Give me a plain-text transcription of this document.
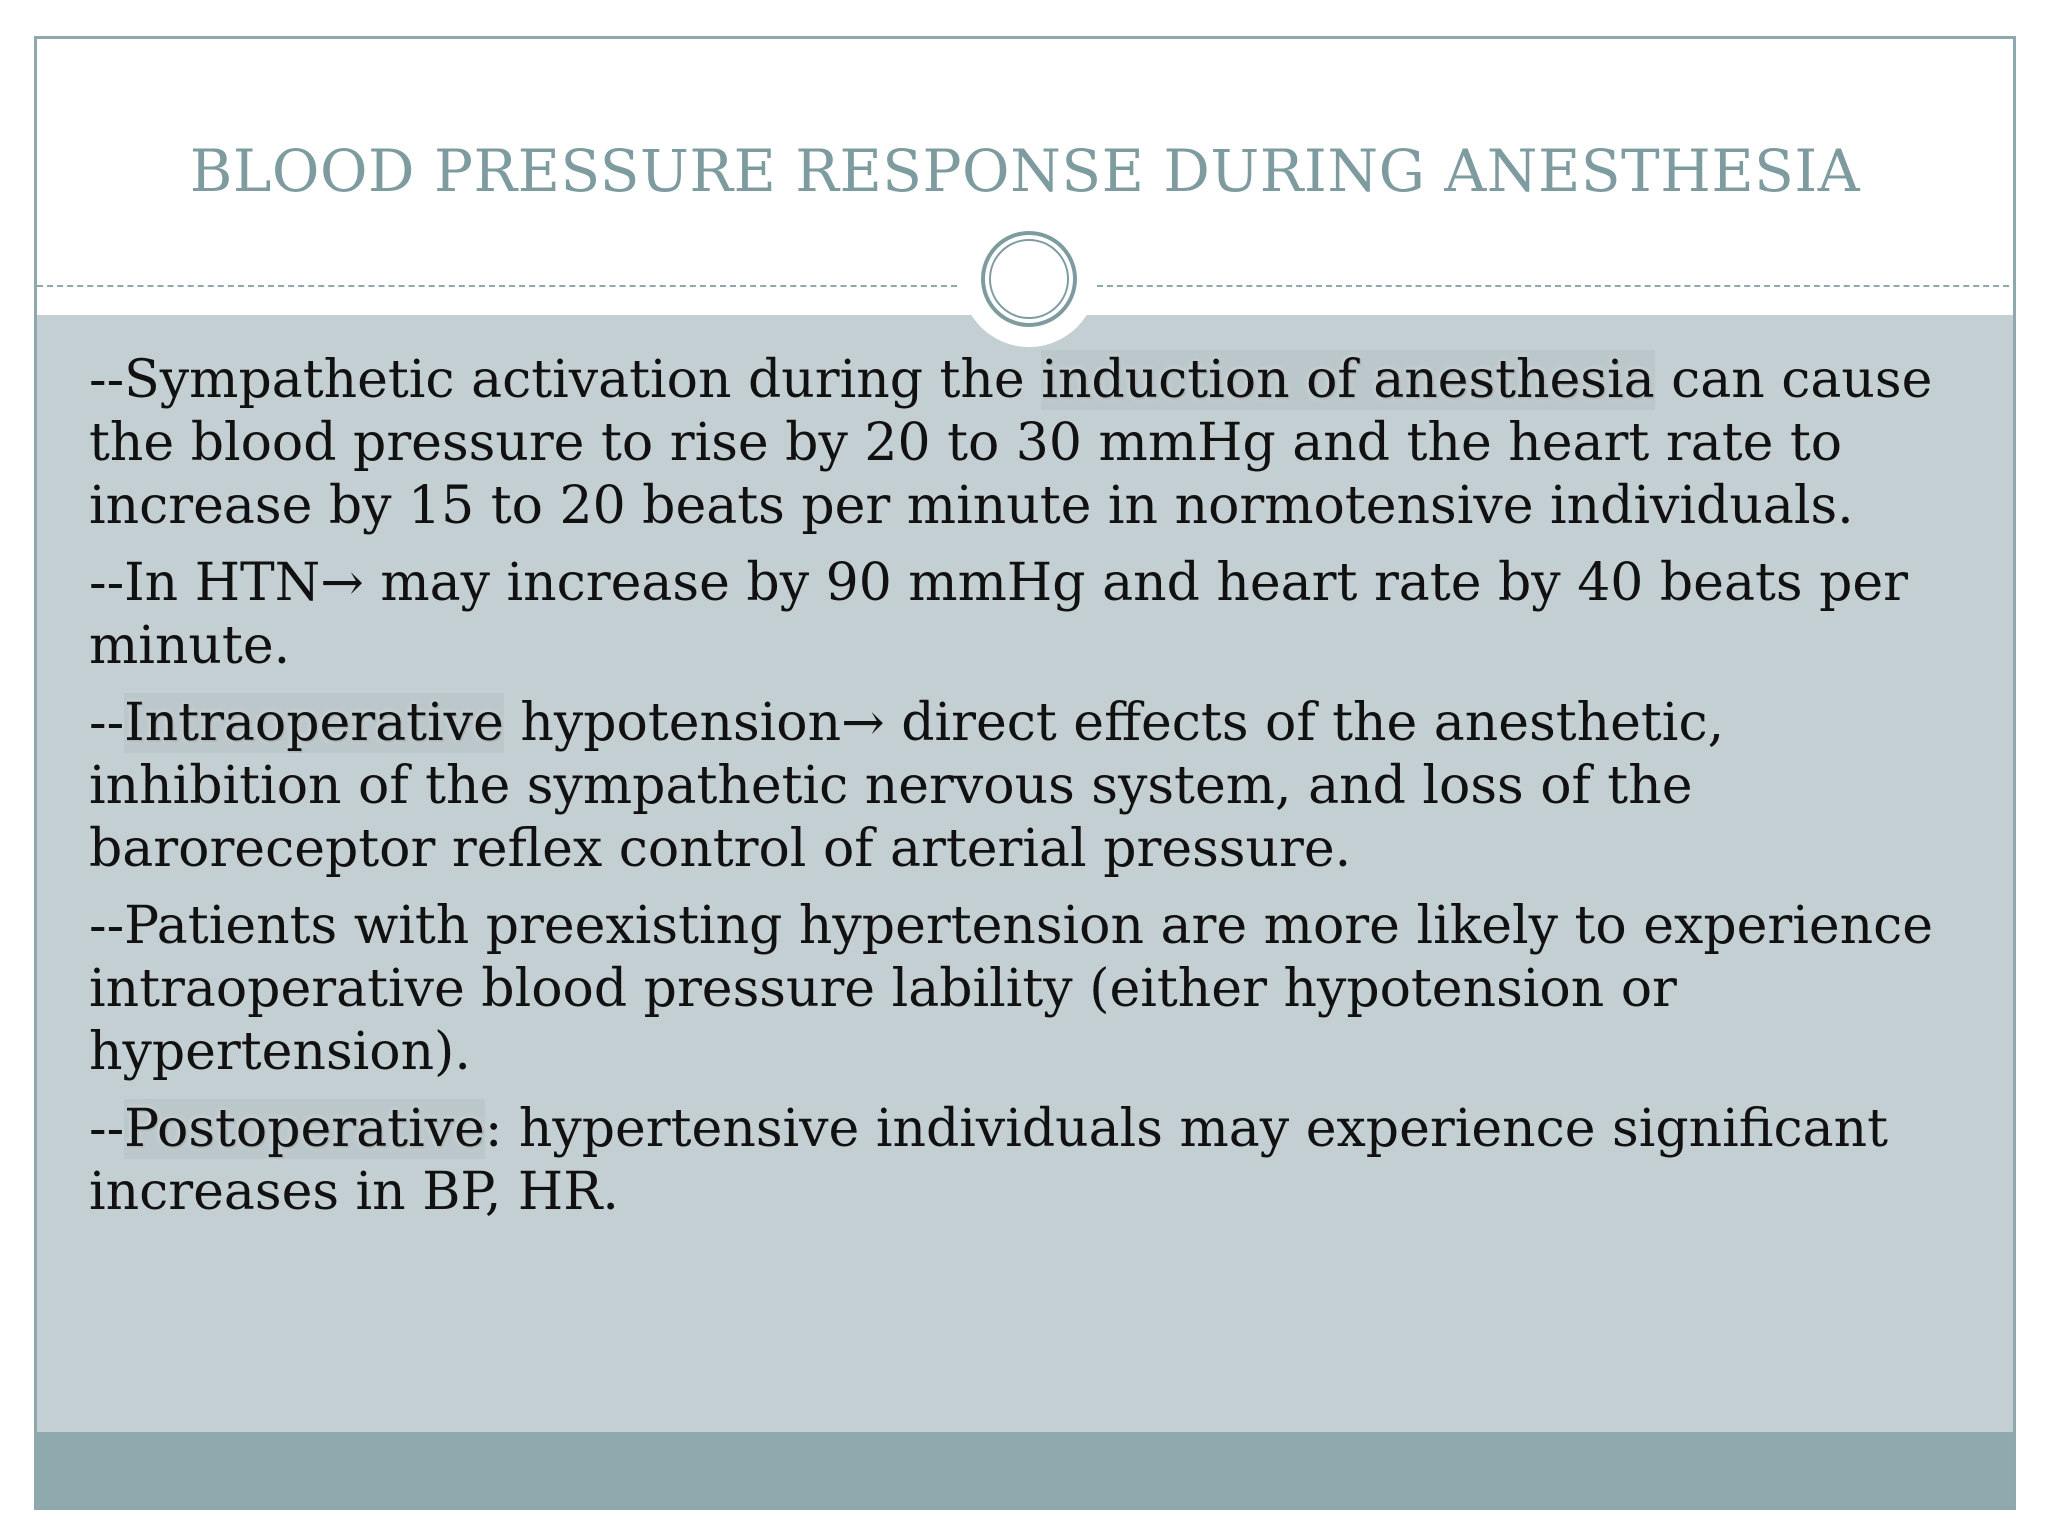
BLOOD PRESSURE RESPONSE DURING ANESTHESIA
--Sympathetic activation during the induction of anesthesia can cause the blood pressure to rise by 20 to 30 mmHg and the heart rate to increase by 15 to 20 beats per minute in normotensive individuals.
--In HTN→ may increase by 90 mmHg and heart rate by 40 beats per minute.
--Intraoperative hypotension→ direct effects of the anesthetic, inhibition of the sympathetic nervous system, and loss of the baroreceptor reflex control of arterial pressure.
--Patients with preexisting hypertension are more likely to experience intraoperative blood pressure lability (either hypotension or hypertension).
--Postoperative: hypertensive individuals may experience significant increases in BP, HR.
